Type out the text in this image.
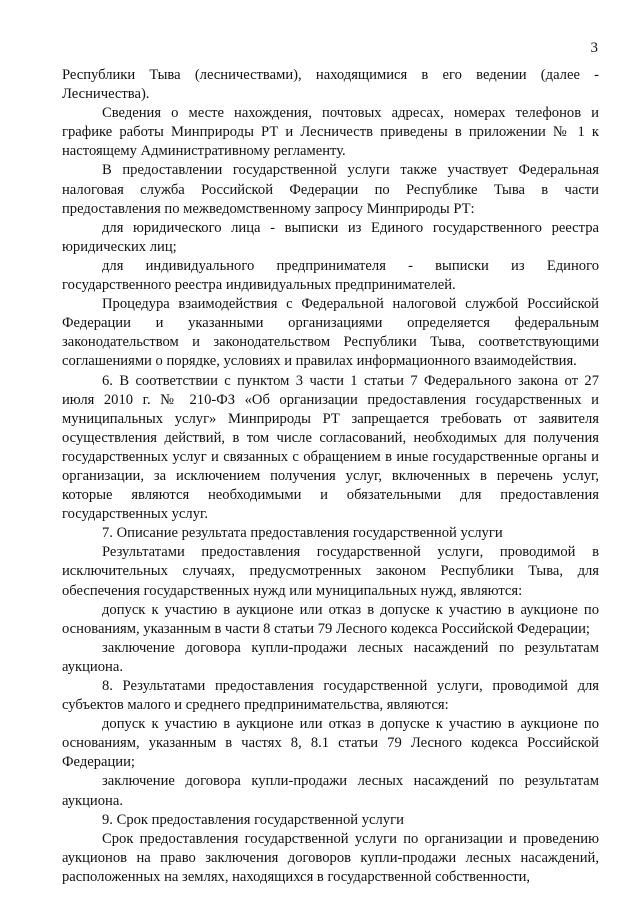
3

Республики Тыва (лесничествами), находящимися в его ведении (далее - Лесничества).

Сведения о месте нахождения, почтовых адресах, номерах телефонов и графике работы Минприроды РТ и Лесничеств приведены в приложении № 1 к настоящему Административному регламенту.

В предоставлении государственной услуги также участвует Федеральная налоговая служба Российской Федерации по Республике Тыва в части предоставления по межведомственному запросу Минприроды РТ:

для юридического лица - выписки из Единого государственного реестра юридических лиц;

для индивидуального предпринимателя - выписки из Единого государственного реестра индивидуальных предпринимателей.

Процедура взаимодействия с Федеральной налоговой службой Российской Федерации и указанными организациями определяется федеральным законодательством и законодательством Республики Тыва, соответствующими соглашениями о порядке, условиях и правилах информационного взаимодействия.

6. В соответствии с пунктом 3 части 1 статьи 7 Федерального закона от 27 июля 2010 г. № 210-ФЗ «Об организации предоставления государственных и муниципальных услуг» Минприроды РТ запрещается требовать от заявителя осуществления действий, в том числе согласований, необходимых для получения государственных услуг и связанных с обращением в иные государственные органы и организации, за исключением получения услуг, включенных в перечень услуг, которые являются необходимыми и обязательными для предоставления государственных услуг.

7. Описание результата предоставления государственной услуги

Результатами предоставления государственной услуги, проводимой в исключительных случаях, предусмотренных законом Республики Тыва, для обеспечения государственных нужд или муниципальных нужд, являются:

допуск к участию в аукционе или отказ в допуске к участию в аукционе по основаниям, указанным в части 8 статьи 79 Лесного кодекса Российской Федерации;

заключение договора купли-продажи лесных насаждений по результатам аукциона.

8. Результатами предоставления государственной услуги, проводимой для субъектов малого и среднего предпринимательства, являются:

допуск к участию в аукционе или отказ в допуске к участию в аукционе по основаниям, указанным в частях 8, 8.1 статьи 79 Лесного кодекса Российской Федерации;

заключение договора купли-продажи лесных насаждений по результатам аукциона.

9. Срок предоставления государственной услуги

Срок предоставления государственной услуги по организации и проведению аукционов на право заключения договоров купли-продажи лесных насаждений, расположенных на землях, находящихся в государственной собственности,
